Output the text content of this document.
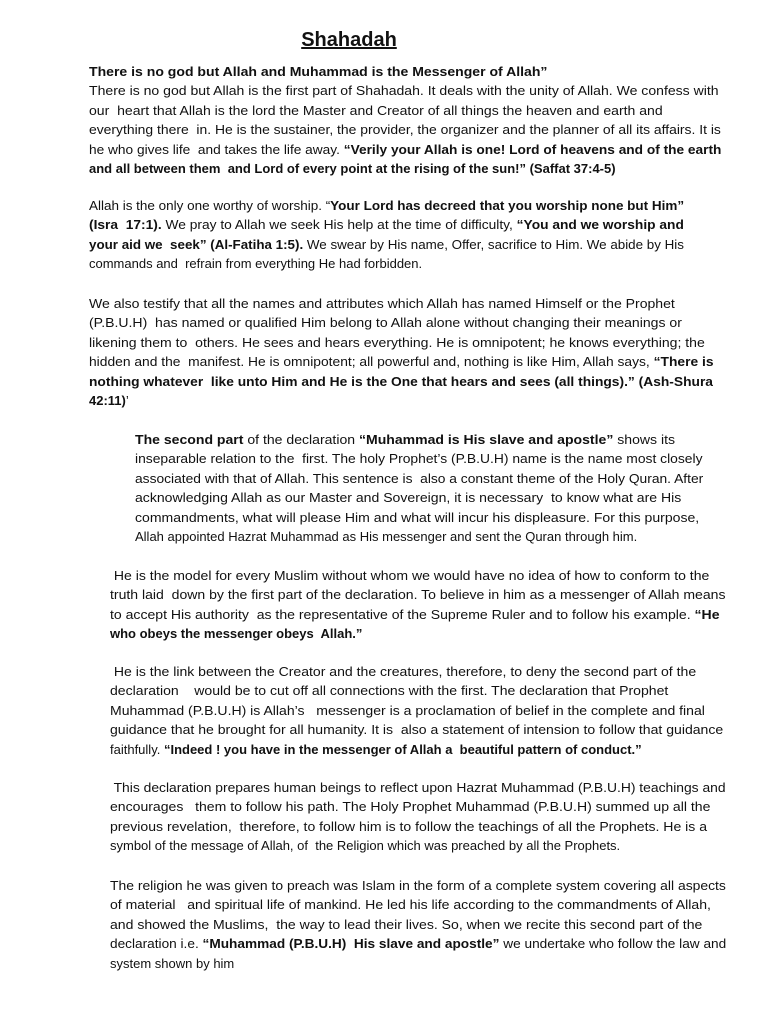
Shahadah
There is no god but Allah and Muhammad is the Messenger of Allah”
There is no god but Allah is the first part of Shahadah. It deals with the unity of Allah. We confess with
our  heart that Allah is the lord the Master and Creator of all things the heaven and earth and
everything there  in. He is the sustainer, the provider, the organizer and the planner of all its affairs. It is
he who gives life  and takes the life away. “Verily your Allah is one! Lord of heavens and of the earth
and all between them  and Lord of every point at the rising of the sun!” (Saffat 37:4-5)
Allah is the only one worthy of worship. “Your Lord has decreed that you worship none but Him”
(Isra  17:1). We pray to Allah we seek His help at the time of difficulty, “You and we worship and
your aid we  seek” (Al-Fatiha 1:5). We swear by His name, Offer, sacrifice to Him. We abide by His
commands and  refrain from everything He had forbidden.
We also testify that all the names and attributes which Allah has named Himself or the Prophet
(P.B.U.H)  has named or qualified Him belong to Allah alone without changing their meanings or
likening them to  others. He sees and hears everything. He is omnipotent; he knows everything; the
hidden and the  manifest. He is omnipotent; all powerful and, nothing is like Him, Allah says, “There is
nothing whatever  like unto Him and He is the One that hears and sees (all things).” (Ash-Shura
42:11)’
The second part of the declaration “Muhammad is His slave and apostle” shows its
inseparable relation to the  first. The holy Prophet’s (P.B.U.H) name is the name most closely
associated with that of Allah. This sentence is  also a constant theme of the Holy Quran. After
acknowledging Allah as our Master and Sovereign, it is necessary  to know what are His
commandments, what will please Him and what will incur his displeasure. For this purpose,
Allah appointed Hazrat Muhammad as His messenger and sent the Quran through him.
He is the model for every Muslim without whom we would have no idea of how to conform to the
truth laid  down by the first part of the declaration. To believe in him as a messenger of Allah means
to accept His authority  as the representative of the Supreme Ruler and to follow his example. “He
who obeys the messenger obeys  Allah.”
He is the link between the Creator and the creatures, therefore, to deny the second part of the
declaration    would be to cut off all connections with the first. The declaration that Prophet
Muhammad (P.B.U.H) is Allah’s   messenger is a proclamation of belief in the complete and final
guidance that he brought for all humanity. It is  also a statement of intension to follow that guidance
faithfully. “Indeed ! you have in the messenger of Allah a  beautiful pattern of conduct.”
This declaration prepares human beings to reflect upon Hazrat Muhammad (P.B.U.H) teachings and
encourages   them to follow his path. The Holy Prophet Muhammad (P.B.U.H) summed up all the
previous revelation,  therefore, to follow him is to follow the teachings of all the Prophets. He is a
symbol of the message of Allah, of  the Religion which was preached by all the Prophets.
The religion he was given to preach was Islam in the form of a complete system covering all aspects
of material   and spiritual life of mankind. He led his life according to the commandments of Allah,
and showed the Muslims,  the way to lead their lives. So, when we recite this second part of the
declaration i.e. “Muhammad (P.B.U.H)  His slave and apostle” we undertake who follow the law and
system shown by him
